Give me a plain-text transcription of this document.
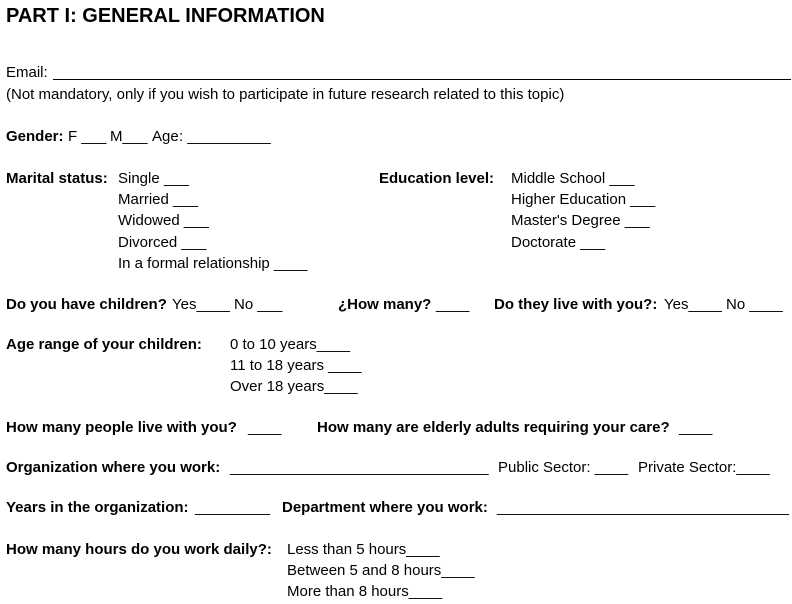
PART I: GENERAL INFORMATION
Email:
(Not mandatory, only if you wish to participate in future research related to this topic)
Gender: F ___ M___ Age : __________
Marital status: Single ___
Married ___
Widowed ___
Divorced ___
In a formal relationship ____
Education level: Middle School ___
Higher Education ___
Master's Degree ___
Doctorate ___
Do you have children? Yes____ No ___	¿How many? ____ Do they live with you?: Yes____ No ____
Age range of your children: 0 to 10 years____
11 to 18 years ____
Over 18 years____
How many people live with you? ____ How many are elderly adults requiring your care? ____
Organization where you work: _______________________________ Public Sector: ____ Private Sector:____
Years in the organization: _________ Department where you work: ___________________________________
How many hours do you work daily?: Less than 5 hours____
Between 5 and 8 hours____
More than 8 hours____
